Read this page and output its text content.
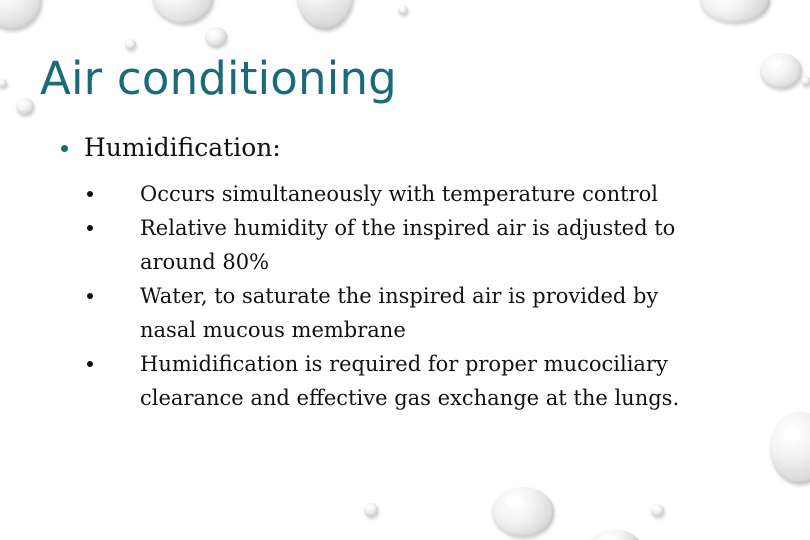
Air conditioning
Humidification:
Occurs simultaneously with temperature control
Relative humidity of the inspired air is adjusted to around 80%
Water, to saturate the inspired air is provided by nasal mucous membrane
Humidification is required for proper mucociliary clearance and effective gas exchange at the lungs.
